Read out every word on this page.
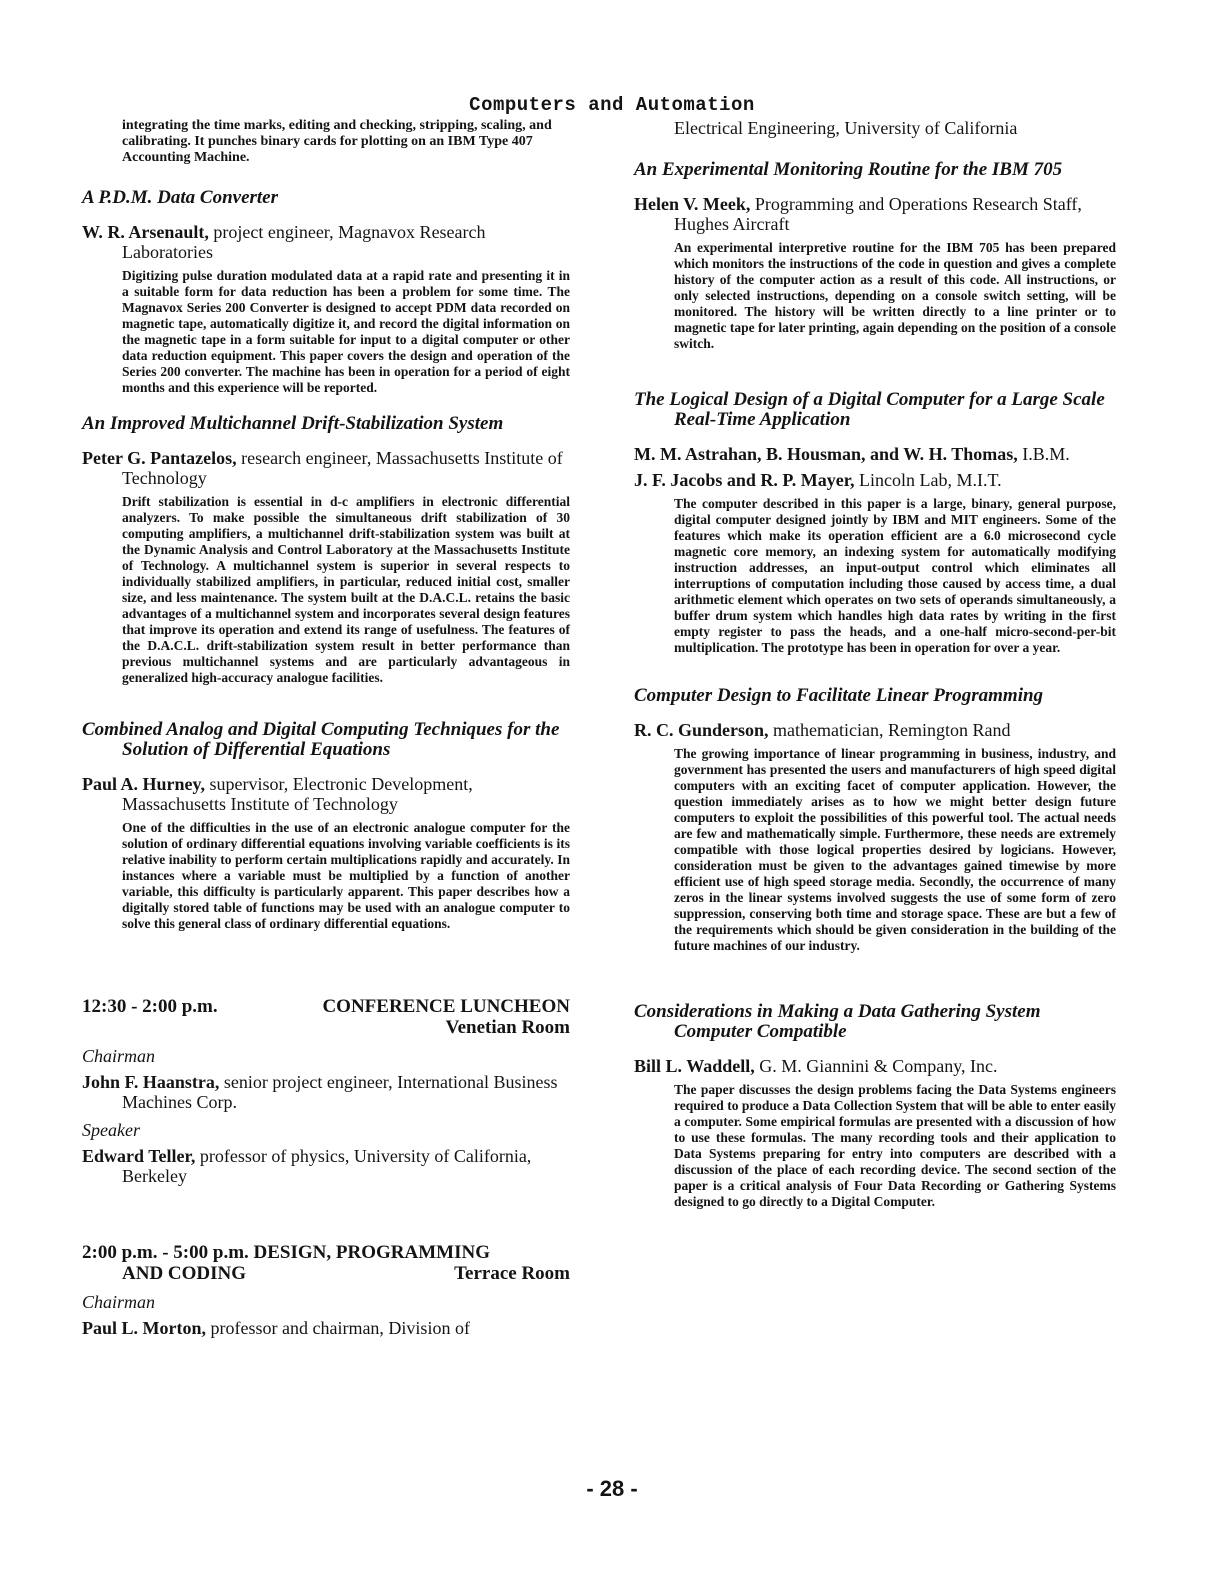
Computers and Automation
integrating the time marks, editing and checking, stripping, scaling, and calibrating. It punches binary cards for plotting on an IBM Type 407 Accounting Machine.
A P.D.M. Data Converter
W. R. Arsenault, project engineer, Magnavox Research Laboratories
Digitizing pulse duration modulated data at a rapid rate and presenting it in a suitable form for data reduction has been a problem for some time. The Magnavox Series 200 Converter is designed to accept PDM data recorded on magnetic tape, automatically digitize it, and record the digital information on the magnetic tape in a form suitable for input to a digital computer or other data reduction equipment. This paper covers the design and operation of the Series 200 converter. The machine has been in operation for a period of eight months and this experience will be reported.
An Improved Multichannel Drift-Stabilization System
Peter G. Pantazelos, research engineer, Massachusetts Institute of Technology
Drift stabilization is essential in d-c amplifiers in electronic differential analyzers. To make possible the simultaneous drift stabilization of 30 computing amplifiers, a multichannel drift-stabilization system was built at the Dynamic Analysis and Control Laboratory at the Massachusetts Institute of Technology. A multichannel system is superior in several respects to individually stabilized amplifiers, in particular, reduced initial cost, smaller size, and less maintenance. The system built at the D.A.C.L. retains the basic advantages of a multichannel system and incorporates several design features that improve its operation and extend its range of usefulness. The features of the D.A.C.L. drift-stabilization system result in better performance than previous multichannel systems and are particularly advantageous in generalized high-accuracy analogue facilities.
Combined Analog and Digital Computing Techniques for the Solution of Differential Equations
Paul A. Hurney, supervisor, Electronic Development, Massachusetts Institute of Technology
One of the difficulties in the use of an electronic analogue computer for the solution of ordinary differential equations involving variable coefficients is its relative inability to perform certain multiplications rapidly and accurately. In instances where a variable must be multiplied by a function of another variable, this difficulty is particularly apparent. This paper describes how a digitally stored table of functions may be used with an analogue computer to solve this general class of ordinary differential equations.
12:30 - 2:00 p.m.	CONFERENCE LUNCHEON
Venetian Room
Chairman
John F. Haanstra, senior project engineer, International Business Machines Corp.
Speaker
Edward Teller, professor of physics, University of California, Berkeley
2:00 p.m. - 5:00 p.m. DESIGN, PROGRAMMING
AND CODING	Terrace Room
Chairman
Paul L. Morton, professor and chairman, Division of
Electrical Engineering, University of California
An Experimental Monitoring Routine for the IBM 705
Helen V. Meek, Programming and Operations Research Staff, Hughes Aircraft
An experimental interpretive routine for the IBM 705 has been prepared which monitors the instructions of the code in question and gives a complete history of the computer action as a result of this code. All instructions, or only selected instructions, depending on a console switch setting, will be monitored. The history will be written directly to a line printer or to magnetic tape for later printing, again depending on the position of a console switch.
The Logical Design of a Digital Computer for a Large Scale Real-Time Application
M. M. Astrahan, B. Housman, and W. H. Thomas, I.B.M.
J. F. Jacobs and R. P. Mayer, Lincoln Lab, M.I.T.
The computer described in this paper is a large, binary, general purpose, digital computer designed jointly by IBM and MIT engineers. Some of the features which make its operation efficient are a 6.0 microsecond cycle magnetic core memory, an indexing system for automatically modifying instruction addresses, an input-output control which eliminates all interruptions of computation including those caused by access time, a dual arithmetic element which operates on two sets of operands simultaneously, a buffer drum system which handles high data rates by writing in the first empty register to pass the heads, and a one-half micro-second-per-bit multiplication. The prototype has been in operation for over a year.
Computer Design to Facilitate Linear Programming
R. C. Gunderson, mathematician, Remington Rand
The growing importance of linear programming in business, industry, and government has presented the users and manufacturers of high speed digital computers with an exciting facet of computer application. However, the question immediately arises as to how we might better design future computers to exploit the possibilities of this powerful tool. The actual needs are few and mathematically simple. Furthermore, these needs are extremely compatible with those logical properties desired by logicians. However, consideration must be given to the advantages gained timewise by more efficient use of high speed storage media. Secondly, the occurrence of many zeros in the linear systems involved suggests the use of some form of zero suppression, conserving both time and storage space. These are but a few of the requirements which should be given consideration in the building of the future machines of our industry.
Considerations in Making a Data Gathering System Computer Compatible
Bill L. Waddell, G. M. Giannini & Company, Inc.
The paper discusses the design problems facing the Data Systems engineers required to produce a Data Collection System that will be able to enter easily a computer. Some empirical formulas are presented with a discussion of how to use these formulas. The many recording tools and their application to Data Systems preparing for entry into computers are described with a discussion of the place of each recording device. The second section of the paper is a critical analysis of Four Data Recording or Gathering Systems designed to go directly to a Digital Computer.
- 28 -
